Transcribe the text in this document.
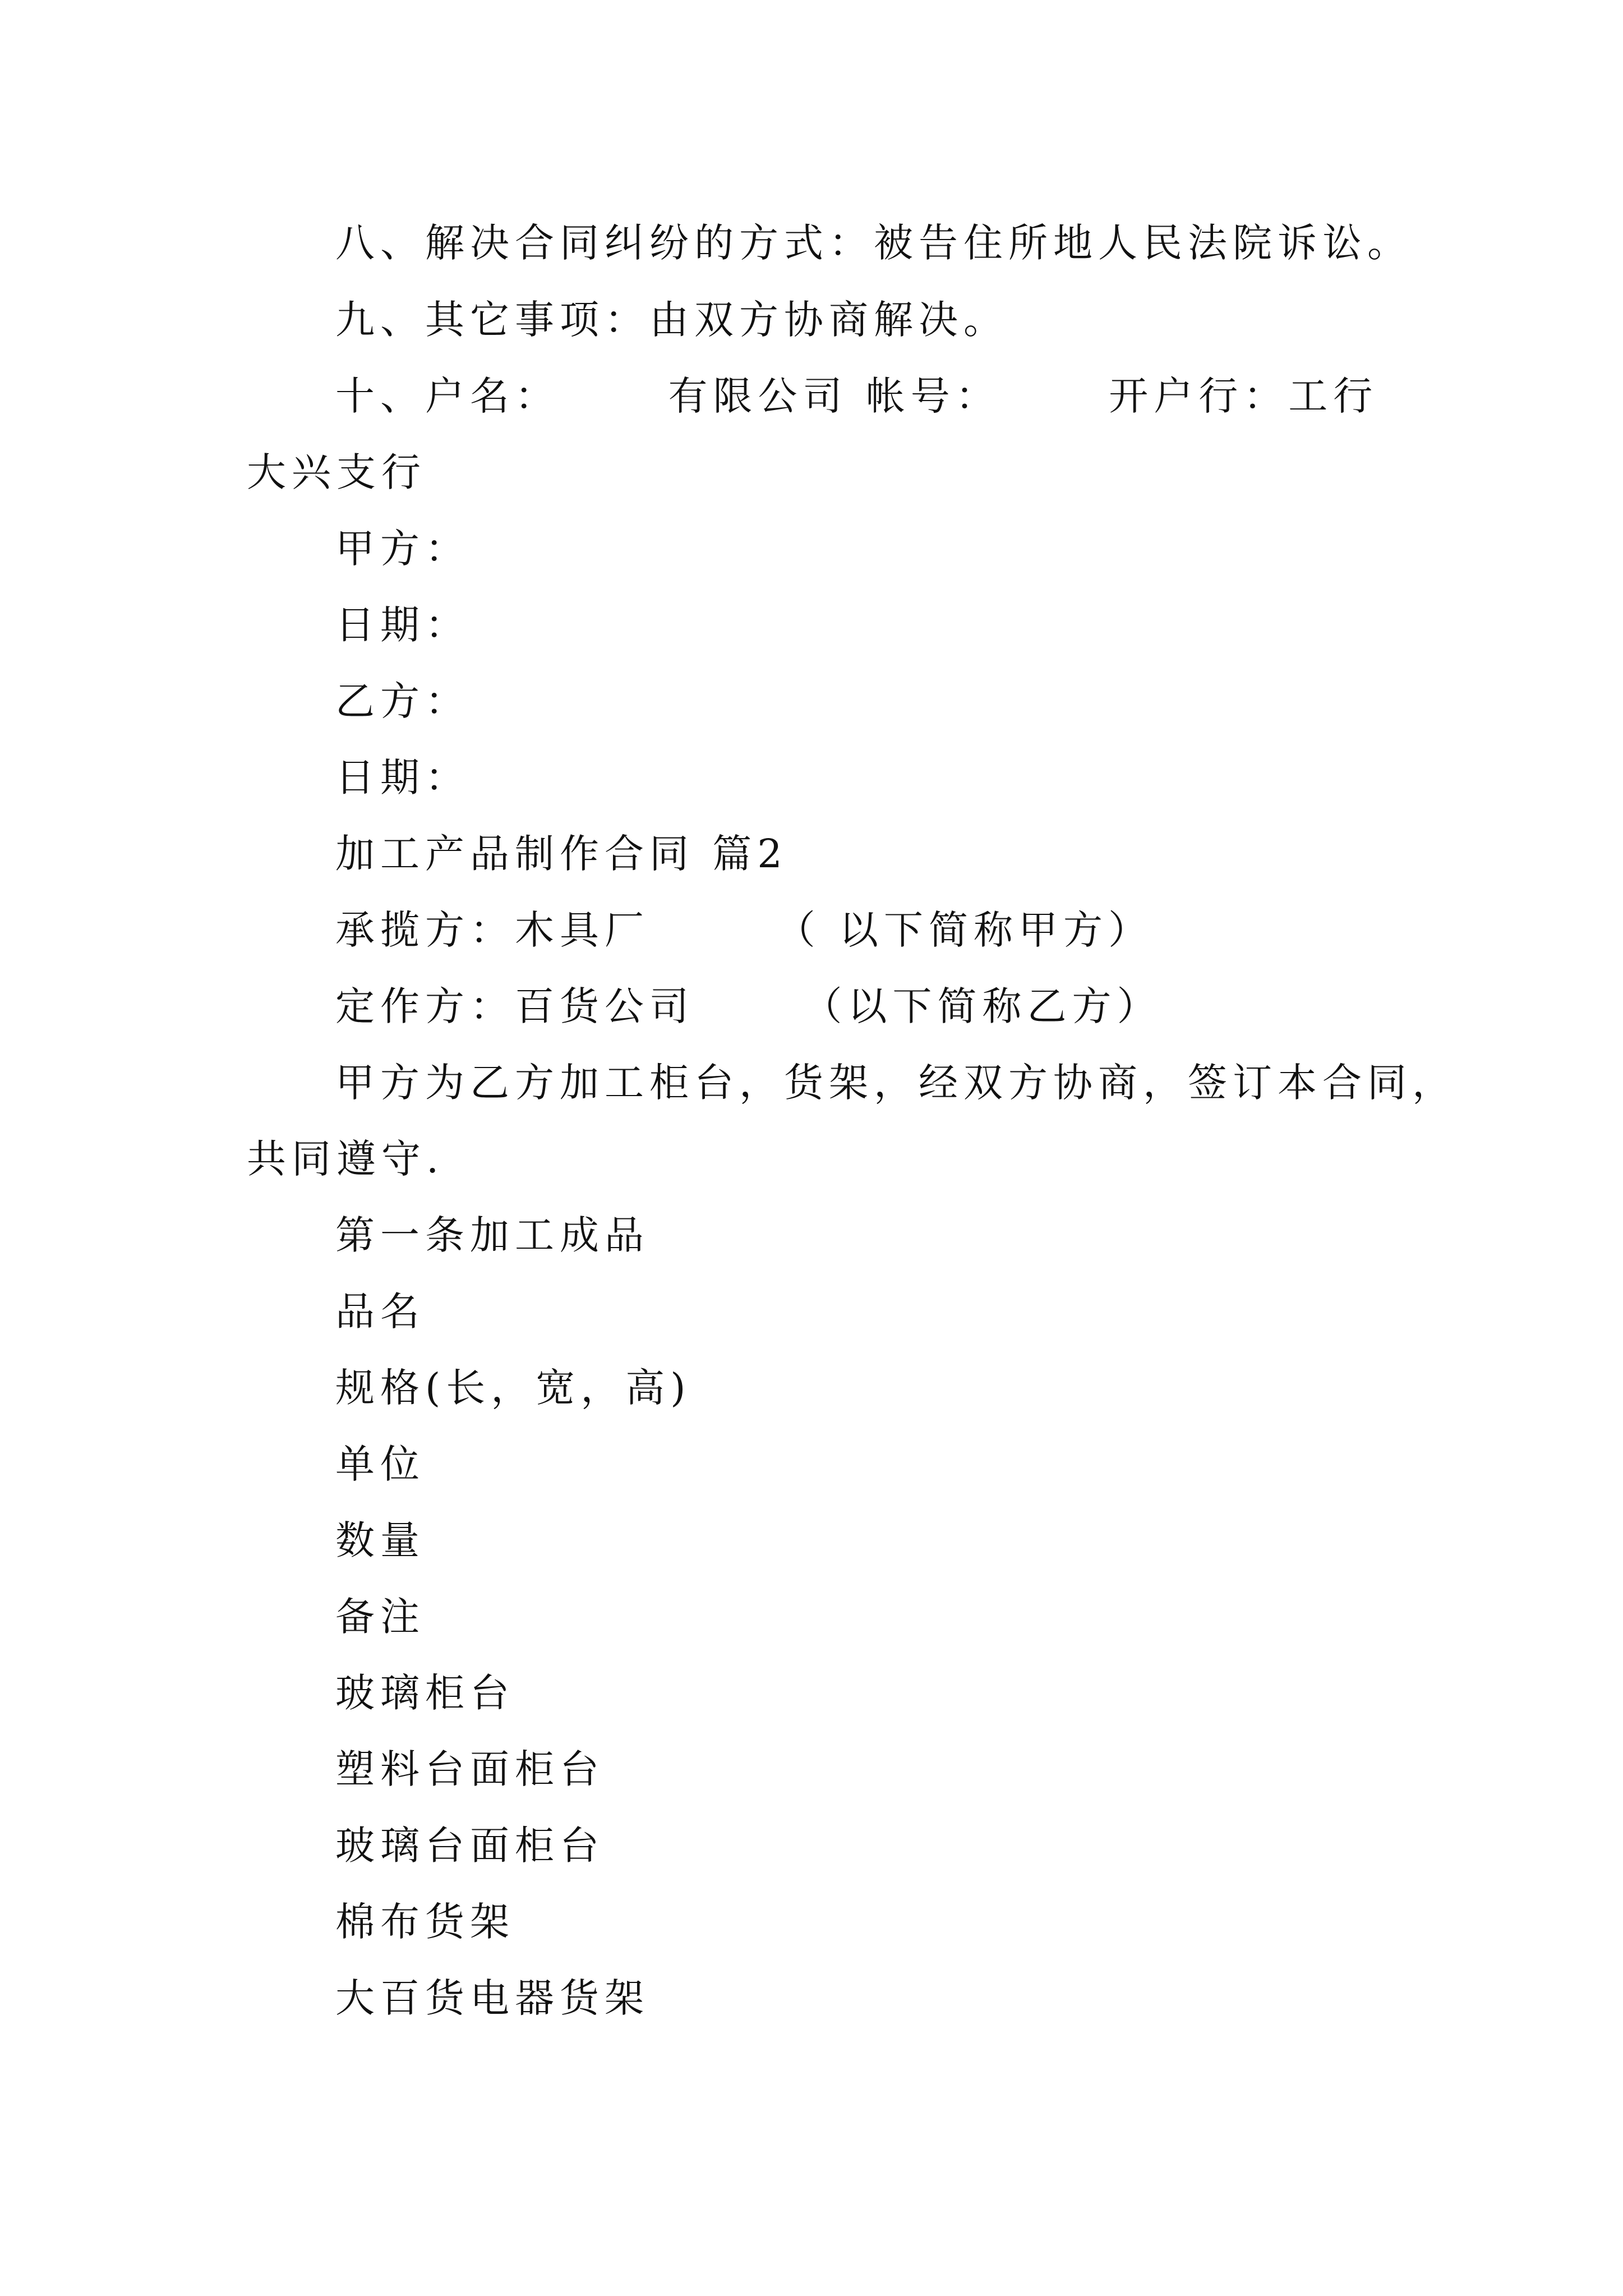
八、解决合同纠纷的方式：被告住所地人民法院诉讼。
九、其它事项：由双方协商解决。
十、户名：      有限公司 帐号：      开户行：工行
大兴支行
甲方：
日期：
乙方：
日期：
加工产品制作合同 篇2
承揽方：木具厂       （ 以下简称甲方）
定作方：百货公司      （以下简称乙方）
甲方为乙方加工柜台，货架，经双方协商，签订本合同，
共同遵守.
第一条加工成品
品名
规格(长，宽，高)
单位
数量
备注
玻璃柜台
塑料台面柜台
玻璃台面柜台
棉布货架
大百货电器货架
